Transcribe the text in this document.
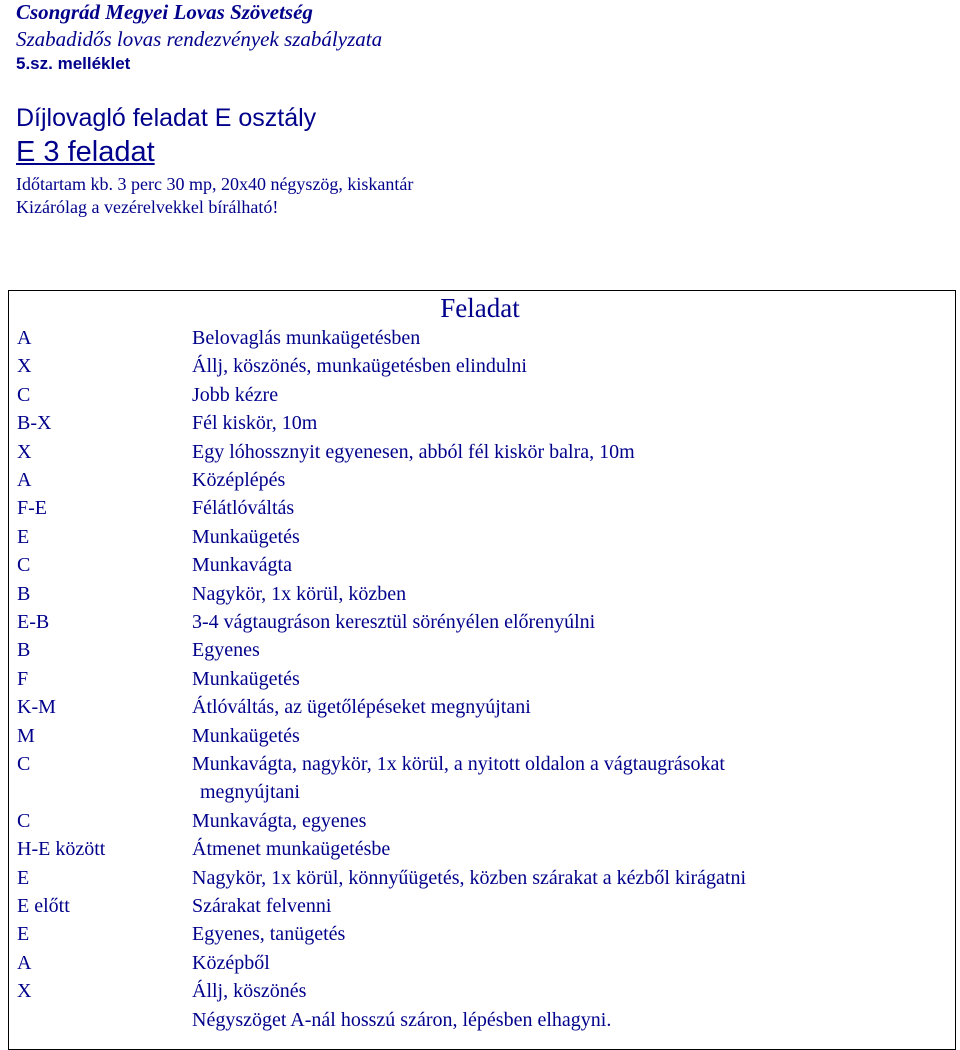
Csongrád Megyei Lovas Szövetség
Szabadidős lovas rendezvények szabályzata
5.sz. melléklet
Díjlovagló feladat E osztály
E 3 feladat
Időtartam kb. 3 perc 30 mp, 20x40 négyszög, kiskantár
Kizárólag a vezérelvekkel bírálható!
Feladat
A	Belovaglás munkaügetésben
X	Állj, köszönés, munkaügetésben elindulni
C	Jobb kézre
B-X	Fél kiskör, 10m
X	Egy lóhossznyit egyenesen, abból fél kiskör balra, 10m
A	Középlépés
F-E	Félátlóváltás
E	Munkaügetés
C	Munkavágta
B	Nagykör, 1x körül, közben
E-B	3-4 vágtaugráson keresztül sörényélen előrenyúlni
B	Egyenes
F	Munkaügetés
K-M	Átlóváltás, az ügetőlépéseket megnyújtani
M	Munkaügetés
C	Munkavágta, nagykör, 1x körül, a nyitott oldalon a vágtaugrásokat
megnyújtani
C	Munkavágta, egyenes
H-E között	Átmenet munkaügetésbe
E	Nagykör, 1x körül, könnyűügetés, közben szárakat a kézből kirágatni
E előtt	Szárakat felvenni
E	Egyenes, tanügetés
A	Középből
X	Állj, köszönés
Négyszöget A-nál hosszú száron, lépésben elhagyni.
